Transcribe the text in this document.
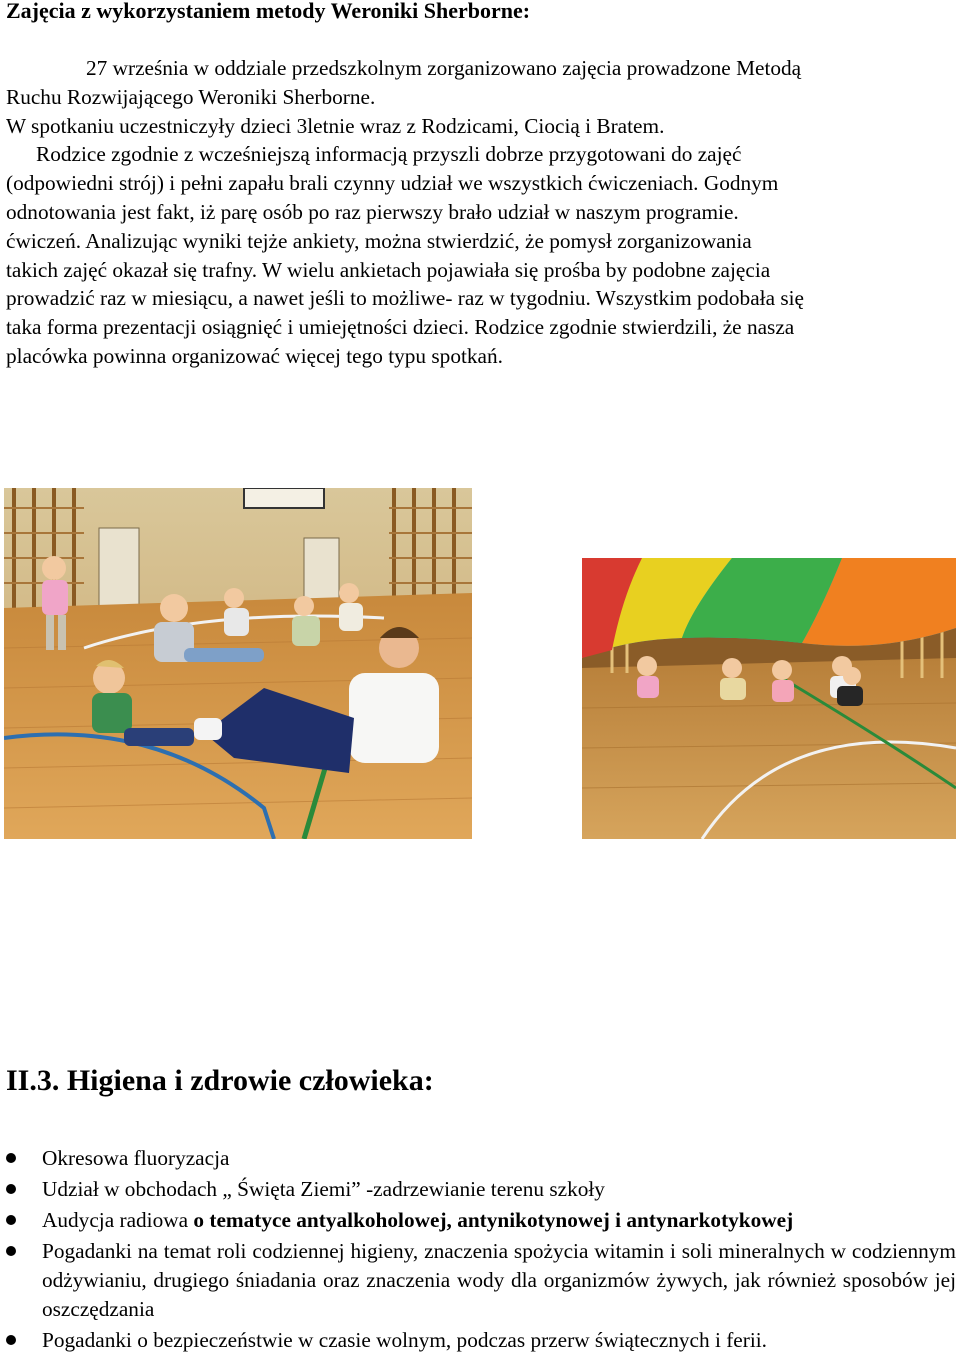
Zajęcia z wykorzystaniem metody Weroniki Sherborne:
27 września w oddziale przedszkolnym zorganizowano zajęcia prowadzone Metodą
Ruchu Rozwijającego Weroniki Sherborne.
W spotkaniu uczestniczyły dzieci 3letnie wraz z Rodzicami, Ciocią i Bratem.
Rodzice zgodnie z wcześniejszą informacją przyszli dobrze przygotowani do zajęć
(odpowiedni strój) i pełni zapału brali czynny udział we wszystkich ćwiczeniach. Godnym
odnotowania jest fakt, iż parę osób po raz pierwszy brało udział w naszym programie.
ćwiczeń. Analizując wyniki tejże ankiety, można stwierdzić, że pomysł zorganizowania
takich zajęć okazał się trafny. W wielu ankietach pojawiała się prośba by podobne zajęcia
prowadzić raz w miesiącu, a nawet jeśli to możliwe- raz w tygodniu. Wszystkim podobała się
taka forma prezentacji osiągnięć i umiejętności dzieci. Rodzice zgodnie stwierdzili, że nasza
placówka powinna organizować więcej tego typu spotkań.
II.3. Higiena i zdrowie człowieka:
Okresowa fluoryzacja
Udział w obchodach „ Święta Ziemi” -zadrzewianie terenu szkoły
Audycja radiowa o tematyce antyalkoholowej, antynikotynowej i antynarkotykowej
Pogadanki na temat roli codziennej higieny, znaczenia spożycia witamin i soli mineralnych w codziennym odżywianiu, drugiego śniadania oraz znaczenia wody dla organizmów żywych, jak również sposobów jej oszczędzania
Pogadanki o bezpieczeństwie w czasie wolnym, podczas przerw świątecznych i ferii.
